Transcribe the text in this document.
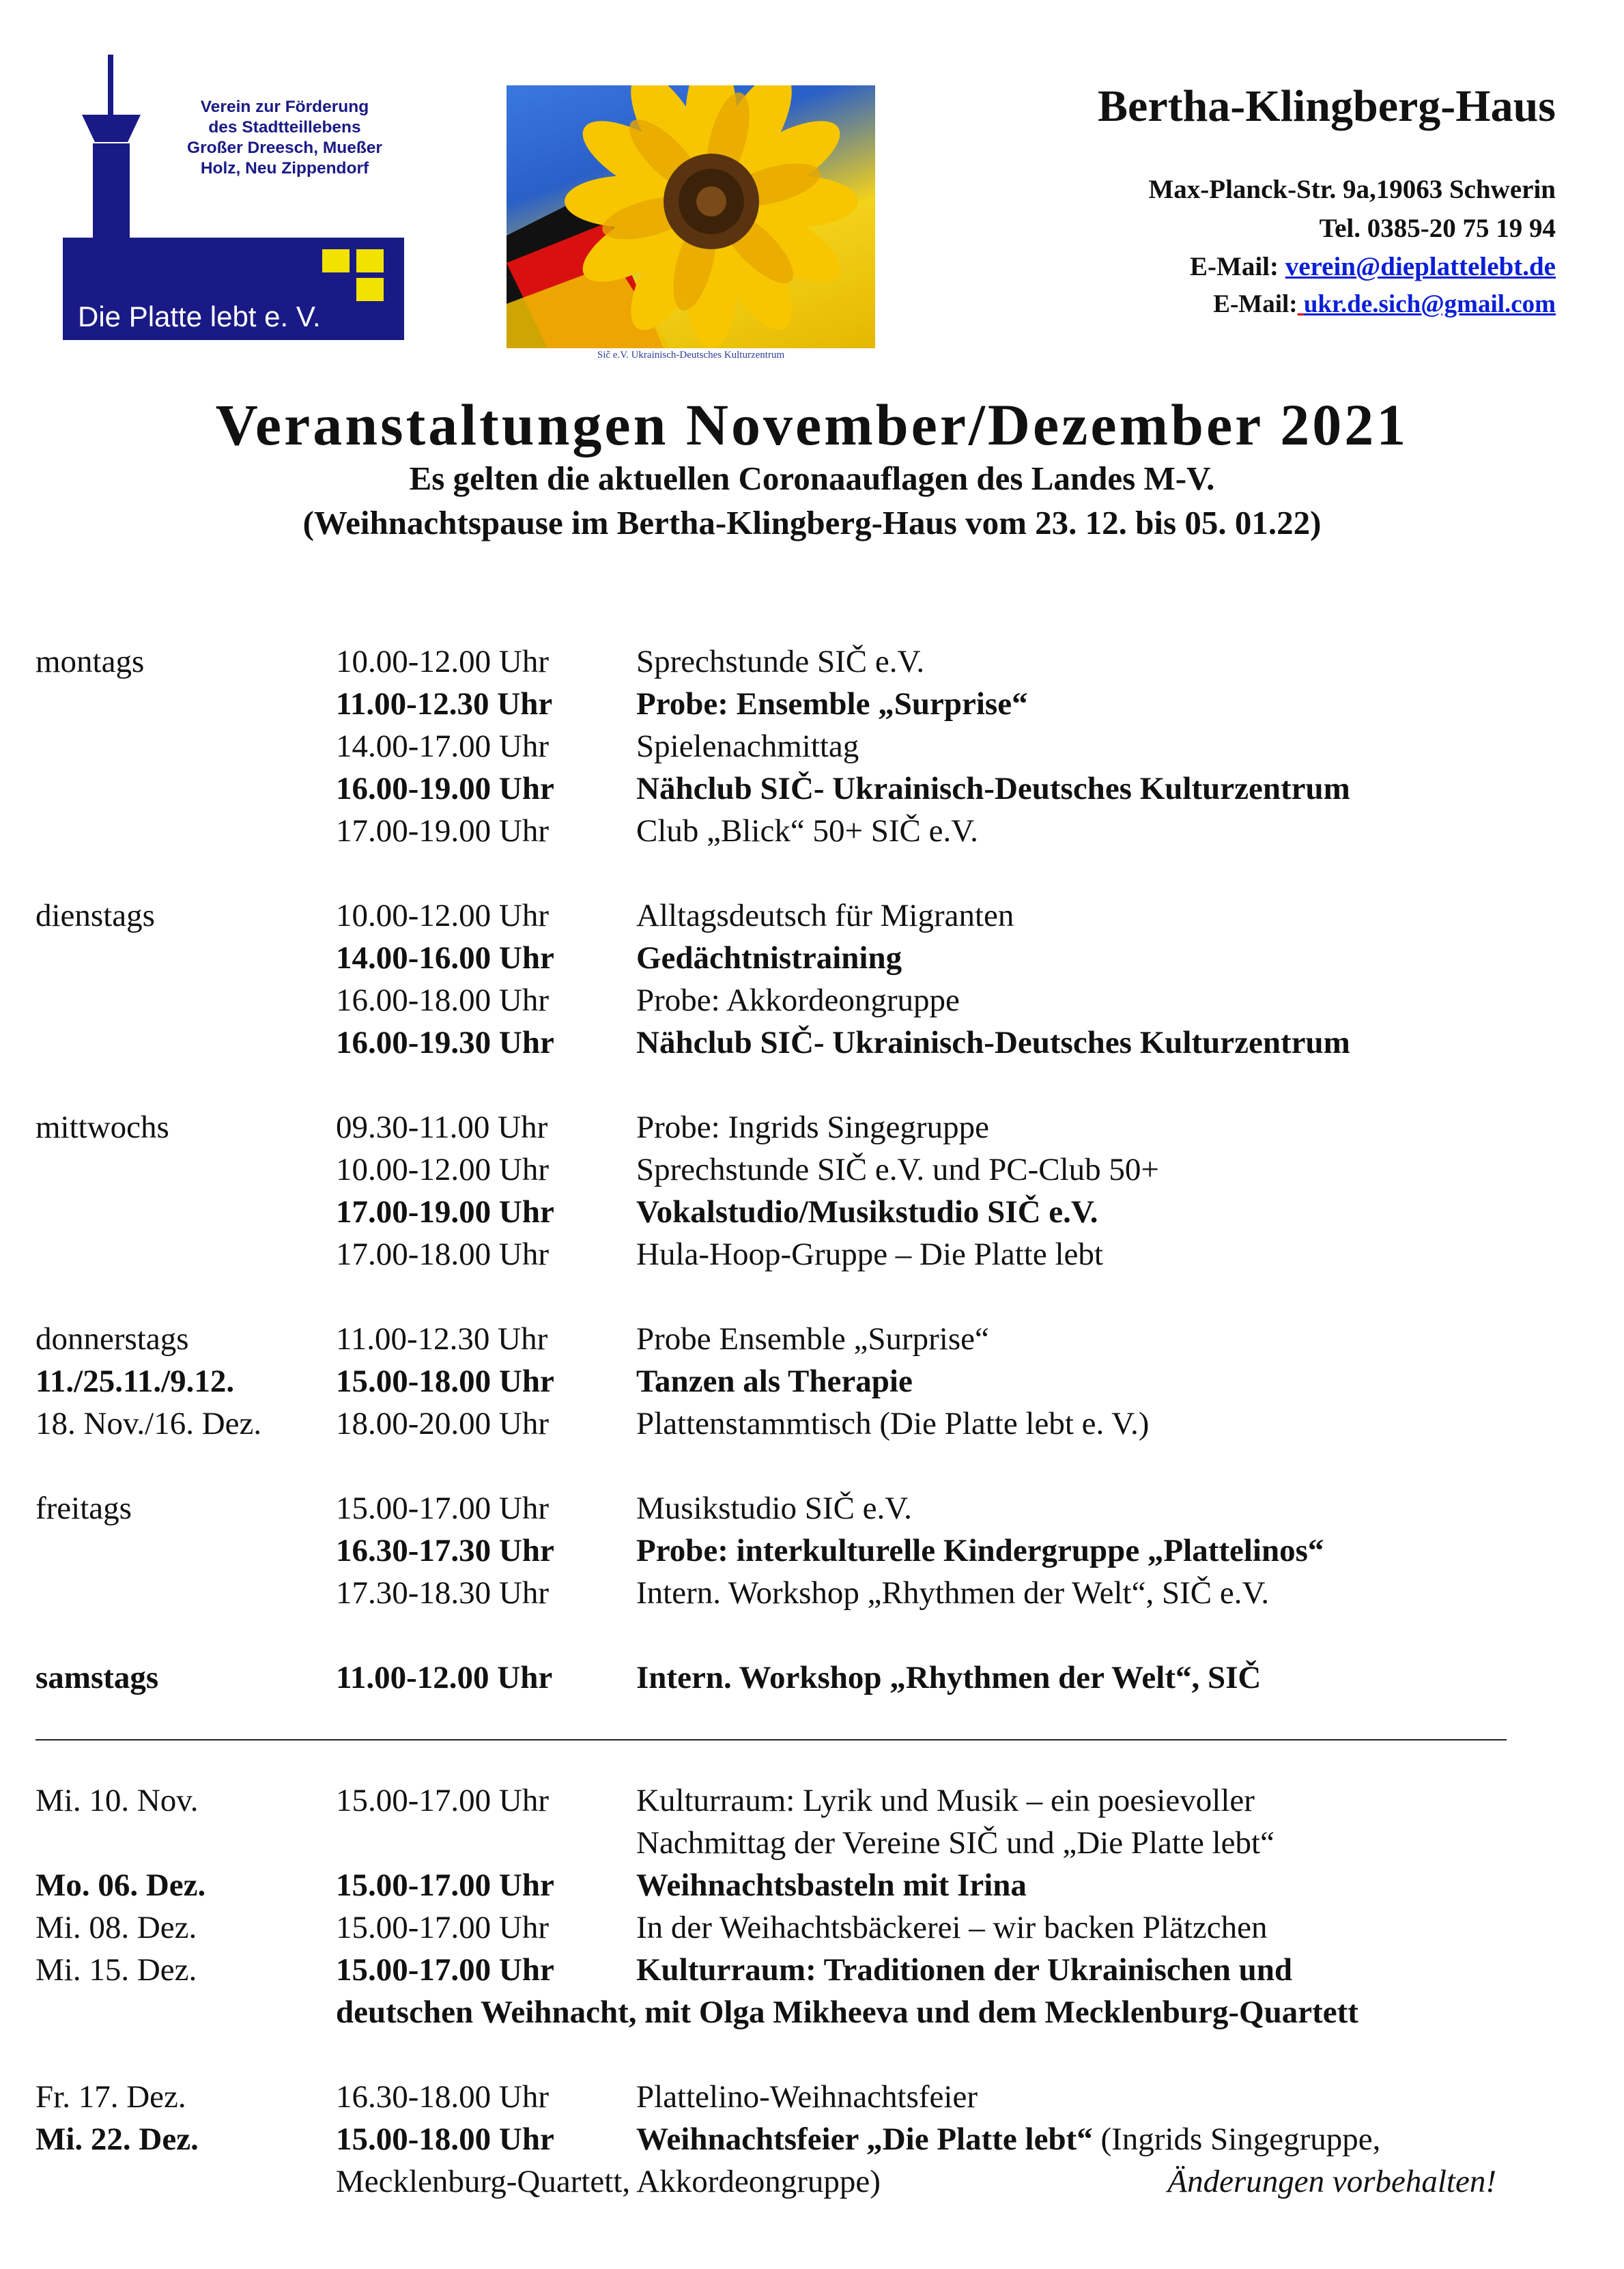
Verein zur Förderung
des Stadtteillebens
Großer Dreesch, Mueßer
Holz, Neu Zippendorf
Die Platte lebt e. V.
Sič e.V. Ukrainisch-Deutsches Kulturzentrum
Bertha-Klingberg-Haus
Max-Planck-Str. 9a,19063 Schwerin
Tel. 0385-20 75 19 94
E-Mail: verein@dieplattelebt.de
E-Mail: ukr.de.sich@gmail.com
Veranstaltungen November/Dezember 2021
Es gelten die aktuellen Coronaauflagen des Landes M-V.
(Weihnachtspause im Bertha-Klingberg-Haus vom 23. 12. bis 05. 01.22)
montags	10.00-12.00 Uhr	Sprechstunde SIČ e.V.
11.00-12.30 Uhr	Probe: Ensemble „Surprise“
14.00-17.00 Uhr	Spielenachmittag
16.00-19.00 Uhr	Nähclub SIČ- Ukrainisch-Deutsches Kulturzentrum
17.00-19.00 Uhr	Club „Blick“ 50+ SIČ e.V.
dienstags	10.00-12.00 Uhr	Alltagsdeutsch für Migranten
14.00-16.00 Uhr	Gedächtnistraining
16.00-18.00 Uhr	Probe: Akkordeongruppe
16.00-19.30 Uhr	Nähclub SIČ- Ukrainisch-Deutsches Kulturzentrum
mittwochs	09.30-11.00 Uhr	Probe: Ingrids Singegruppe
10.00-12.00 Uhr	Sprechstunde SIČ e.V. und PC-Club 50+
17.00-19.00 Uhr	Vokalstudio/Musikstudio SIČ e.V.
17.00-18.00 Uhr	Hula-Hoop-Gruppe – Die Platte lebt
donnerstags	11.00-12.30 Uhr	Probe Ensemble „Surprise“
11./25.11./9.12.	15.00-18.00 Uhr	Tanzen als Therapie
18. Nov./16. Dez. 18.00-20.00 Uhr	Plattenstammtisch (Die Platte lebt e. V.)
freitags	15.00-17.00 Uhr	Musikstudio SIČ e.V.
16.30-17.30 Uhr	Probe: interkulturelle Kindergruppe „Plattelinos“
17.30-18.30 Uhr	Intern. Workshop „Rhythmen der Welt“, SIČ e.V.
samstags	11.00-12.00 Uhr	Intern. Workshop „Rhythmen der Welt“, SIČ
Mi. 10. Nov.	15.00-17.00 Uhr	Kulturraum: Lyrik und Musik – ein poesievoller
Nachmittag der Vereine SIČ und „Die Platte lebt“
Mo. 06. Dez.	15.00-17.00 Uhr	Weihnachtsbasteln mit Irina
Mi. 08. Dez.	15.00-17.00 Uhr	In der Weihachtsbäckerei – wir backen Plätzchen
Mi. 15. Dez.	15.00-17.00 Uhr	Kulturraum: Traditionen der Ukrainischen und
deutschen Weihnacht, mit Olga Mikheeva und dem Mecklenburg-Quartett
Fr. 17. Dez.	16.30-18.00 Uhr	Plattelino-Weihnachtsfeier
Mi. 22. Dez.	15.00-18.00 Uhr	Weihnachtsfeier „Die Platte lebt“ (Ingrids Singegruppe,
Mecklenburg-Quartett, Akkordeongruppe)	Änderungen vorbehalten!
